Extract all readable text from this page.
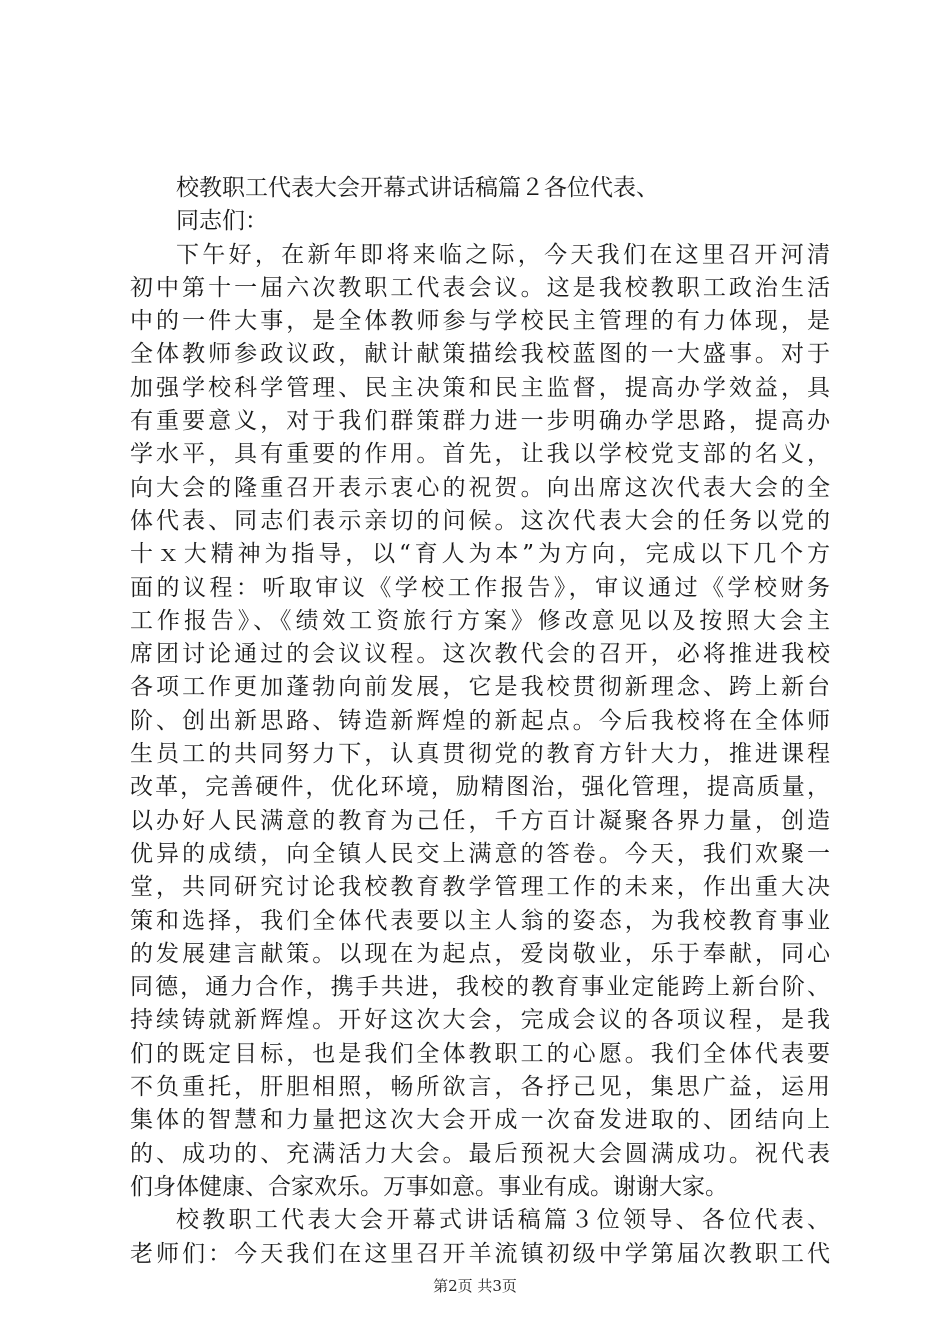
校教职工代表大会开幕式讲话稿篇２各位代表、
同志们：
下午好，在新年即将来临之际，今天我们在这里召开河清
初中第十一届六次教职工代表会议。这是我校教职工政治生活
中的一件大事，是全体教师参与学校民主管理的有力体现，是
全体教师参政议政，献计献策描绘我校蓝图的一大盛事。对于
加强学校科学管理、民主决策和民主监督，提高办学效益，具
有重要意义，对于我们群策群力进一步明确办学思路，提高办
学水平，具有重要的作用。首先，让我以学校党支部的名义，
向大会的隆重召开表示衷心的祝贺。向出席这次代表大会的全
体代表、同志们表示亲切的问候。这次代表大会的任务以党的
十ｘ大精神为指导，以“育人为本”为方向，完成以下几个方
面的议程：听取审议《学校工作报告》，审议通过《学校财务
工作报告》、《绩效工资旅行方案》修改意见以及按照大会主
席团讨论通过的会议议程。这次教代会的召开，必将推进我校
各项工作更加蓬勃向前发展，它是我校贯彻新理念、跨上新台
阶、创出新思路、铸造新辉煌的新起点。今后我校将在全体师
生员工的共同努力下，认真贯彻党的教育方针大力，推进课程
改革，完善硬件，优化环境，励精图治，强化管理，提高质量，
以办好人民满意的教育为己任，千方百计凝聚各界力量，创造
优异的成绩，向全镇人民交上满意的答卷。今天，我们欢聚一
堂，共同研究讨论我校教育教学管理工作的未来，作出重大决
策和选择，我们全体代表要以主人翁的姿态，为我校教育事业
的发展建言献策。以现在为起点，爱岗敬业，乐于奉献，同心
同德，通力合作，携手共进，我校的教育事业定能跨上新台阶、
持续铸就新辉煌。开好这次大会，完成会议的各项议程，是我
们的既定目标，也是我们全体教职工的心愿。我们全体代表要
不负重托，肝胆相照，畅所欲言，各抒己见，集思广益，运用
集体的智慧和力量把这次大会开成一次奋发进取的、团结向上
的、成功的、充满活力大会。最后预祝大会圆满成功。祝代表
们身体健康、合家欢乐。万事如意。事业有成。谢谢大家。
校教职工代表大会开幕式讲话稿篇３位领导、各位代表、
老师们：今天我们在这里召开羊流镇初级中学第届次教职工代
第2页 共3页
